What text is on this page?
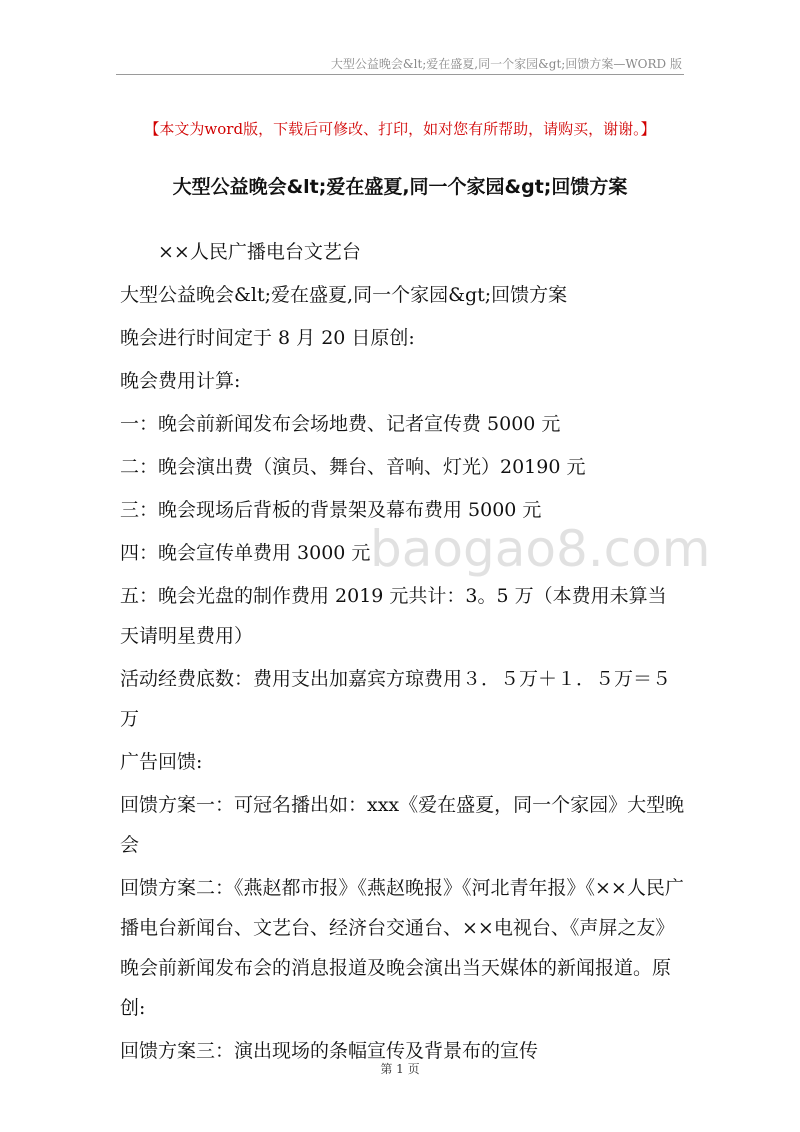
大型公益晚会&lt;爱在盛夏,同一个家园&gt;回馈方案—WORD 版
【本文为word版，下载后可修改、打印，如对您有所帮助，请购买，谢谢。】
大型公益晚会&lt;爱在盛夏,同一个家园&gt;回馈方案
baogao8.com

××人民广播电台文艺台

大型公益晚会&lt;爱在盛夏,同一个家园&gt;回馈方案

晚会进行时间定于 8 月 20 日原创:

晚会费用计算:

一：晚会前新闻发布会场地费、记者宣传费 5000 元

二：晚会演出费（演员、舞台、音响、灯光）20190 元

三：晚会现场后背板的背景架及幕布费用 5000 元

四：晚会宣传单费用 3000 元

五：晚会光盘的制作费用 2019 元共计：3。5 万（本费用未算当天请明星费用）

活动经费底数：费用支出加嘉宾方琼费用３．５万＋１．５万＝５万

广告回馈:

回馈方案一：可冠名播出如：xxx《爱在盛夏，同一个家园》大型晚会

回馈方案二：《燕赵都市报》《燕赵晚报》《河北青年报》《××人民广播电台新闻台、文艺台、经济台交通台、××电视台、《声屏之友》晚会前新闻发布会的消息报道及晚会演出当天媒体的新闻报道。原创:

回馈方案三：演出现场的条幅宣传及背景布的宣传

第 1 页
